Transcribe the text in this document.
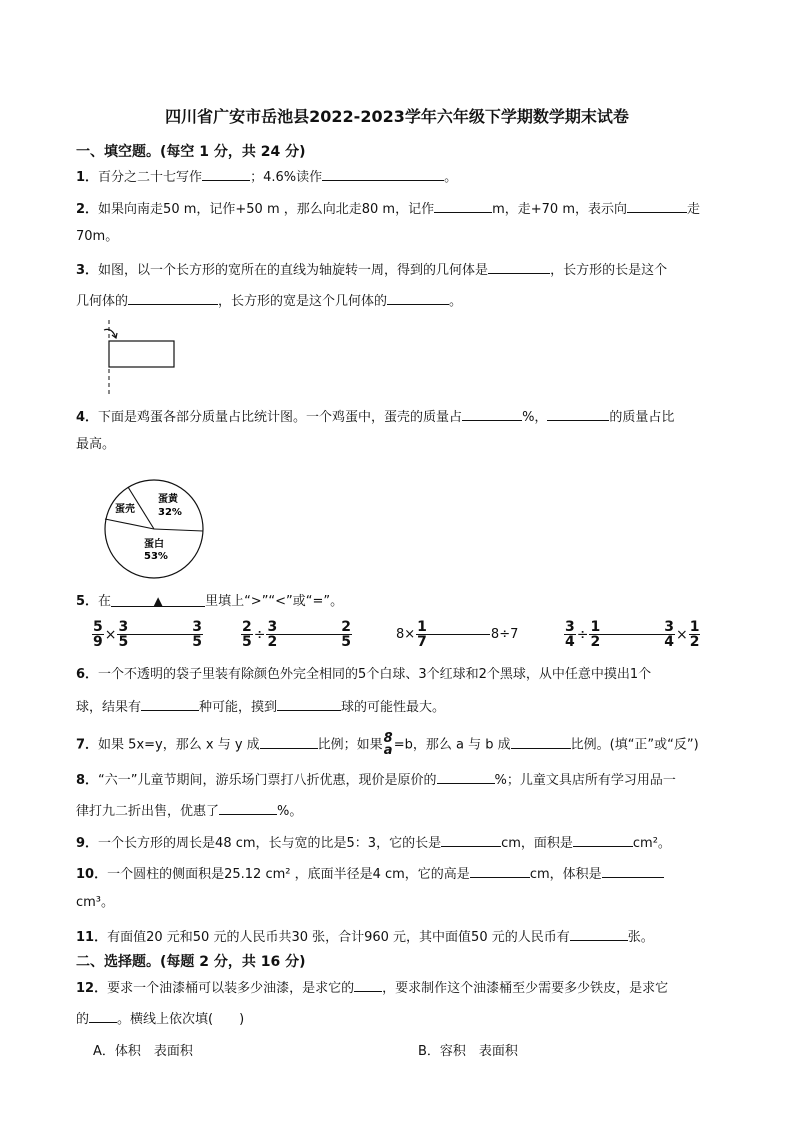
四川省广安市岳池县2022-2023学年六年级下学期数学期末试卷
一、填空题。(每空 1 分，共 24 分)
1．百分之二十七写作	；4.6%读作	。
2．如果向南走50 m，记作+50 m ，那么向北走80 m，记作	m，走+70 m，表示向	走
70m。
3．如图，以一个长方形的宽所在的直线为轴旋转一周，得到的几何体是	，长方形的长是这个
几何体的	，长方形的宽是这个几何体的	。
4．下面是鸡蛋各部分质量占比统计图。一个鸡蛋中，蛋壳的质量占	%，	的质量占比
最高。
蛋壳
蛋黄
32%
蛋白
53%
5．在	▲	里填上“>”“<”或“=”。
$\frac{5}{9} \times \frac{3}{5}$	$\frac{3}{5}$	$\frac{2}{5} \div \frac{3}{2}$	$\frac{2}{5}$	$8\times \frac{1}{7}$	8÷7	$\frac{3}{4} \div \frac{1}{2}$	$\frac{3}{4} \times \frac{1}{2}$
6．一个不透明的袋子里装有除颜色外完全相同的5个白球、3个红球和2个黑球，从中任意中摸出1个
球，结果有	种可能，摸到	球的可能性最大。
7．如果 5x=y，那么 x 与 y 成	比例；如果 8
a =b，那么 a 与 b 成	比例。(填“正”或“反”)
8．“六一”儿童节期间，游乐场门票打八折优惠，现价是原价的	%；儿童文具店所有学习用品一
律打九二折出售，优惠了	%。
9．一个长方形的周长是48 cm，长与宽的比是5：3，它的长是	cm，面积是	cm²。
10．一个圆柱的侧面积是25.12 cm² ，底面半径是4 cm，它的高是	cm，体积是
cm³。
11．有面值20 元和50 元的人民币共30 张，合计960 元，其中面值50 元的人民币有	张。
二、选择题。(每题 2 分，共 16 分)
12．要求一个油漆桶可以装多少油漆，是求它的 ，要求制作这个油漆桶至少需要多少铁皮，是求它
的 。横线上依次填(　　)
A．体积　表面积	B．容积　表面积
